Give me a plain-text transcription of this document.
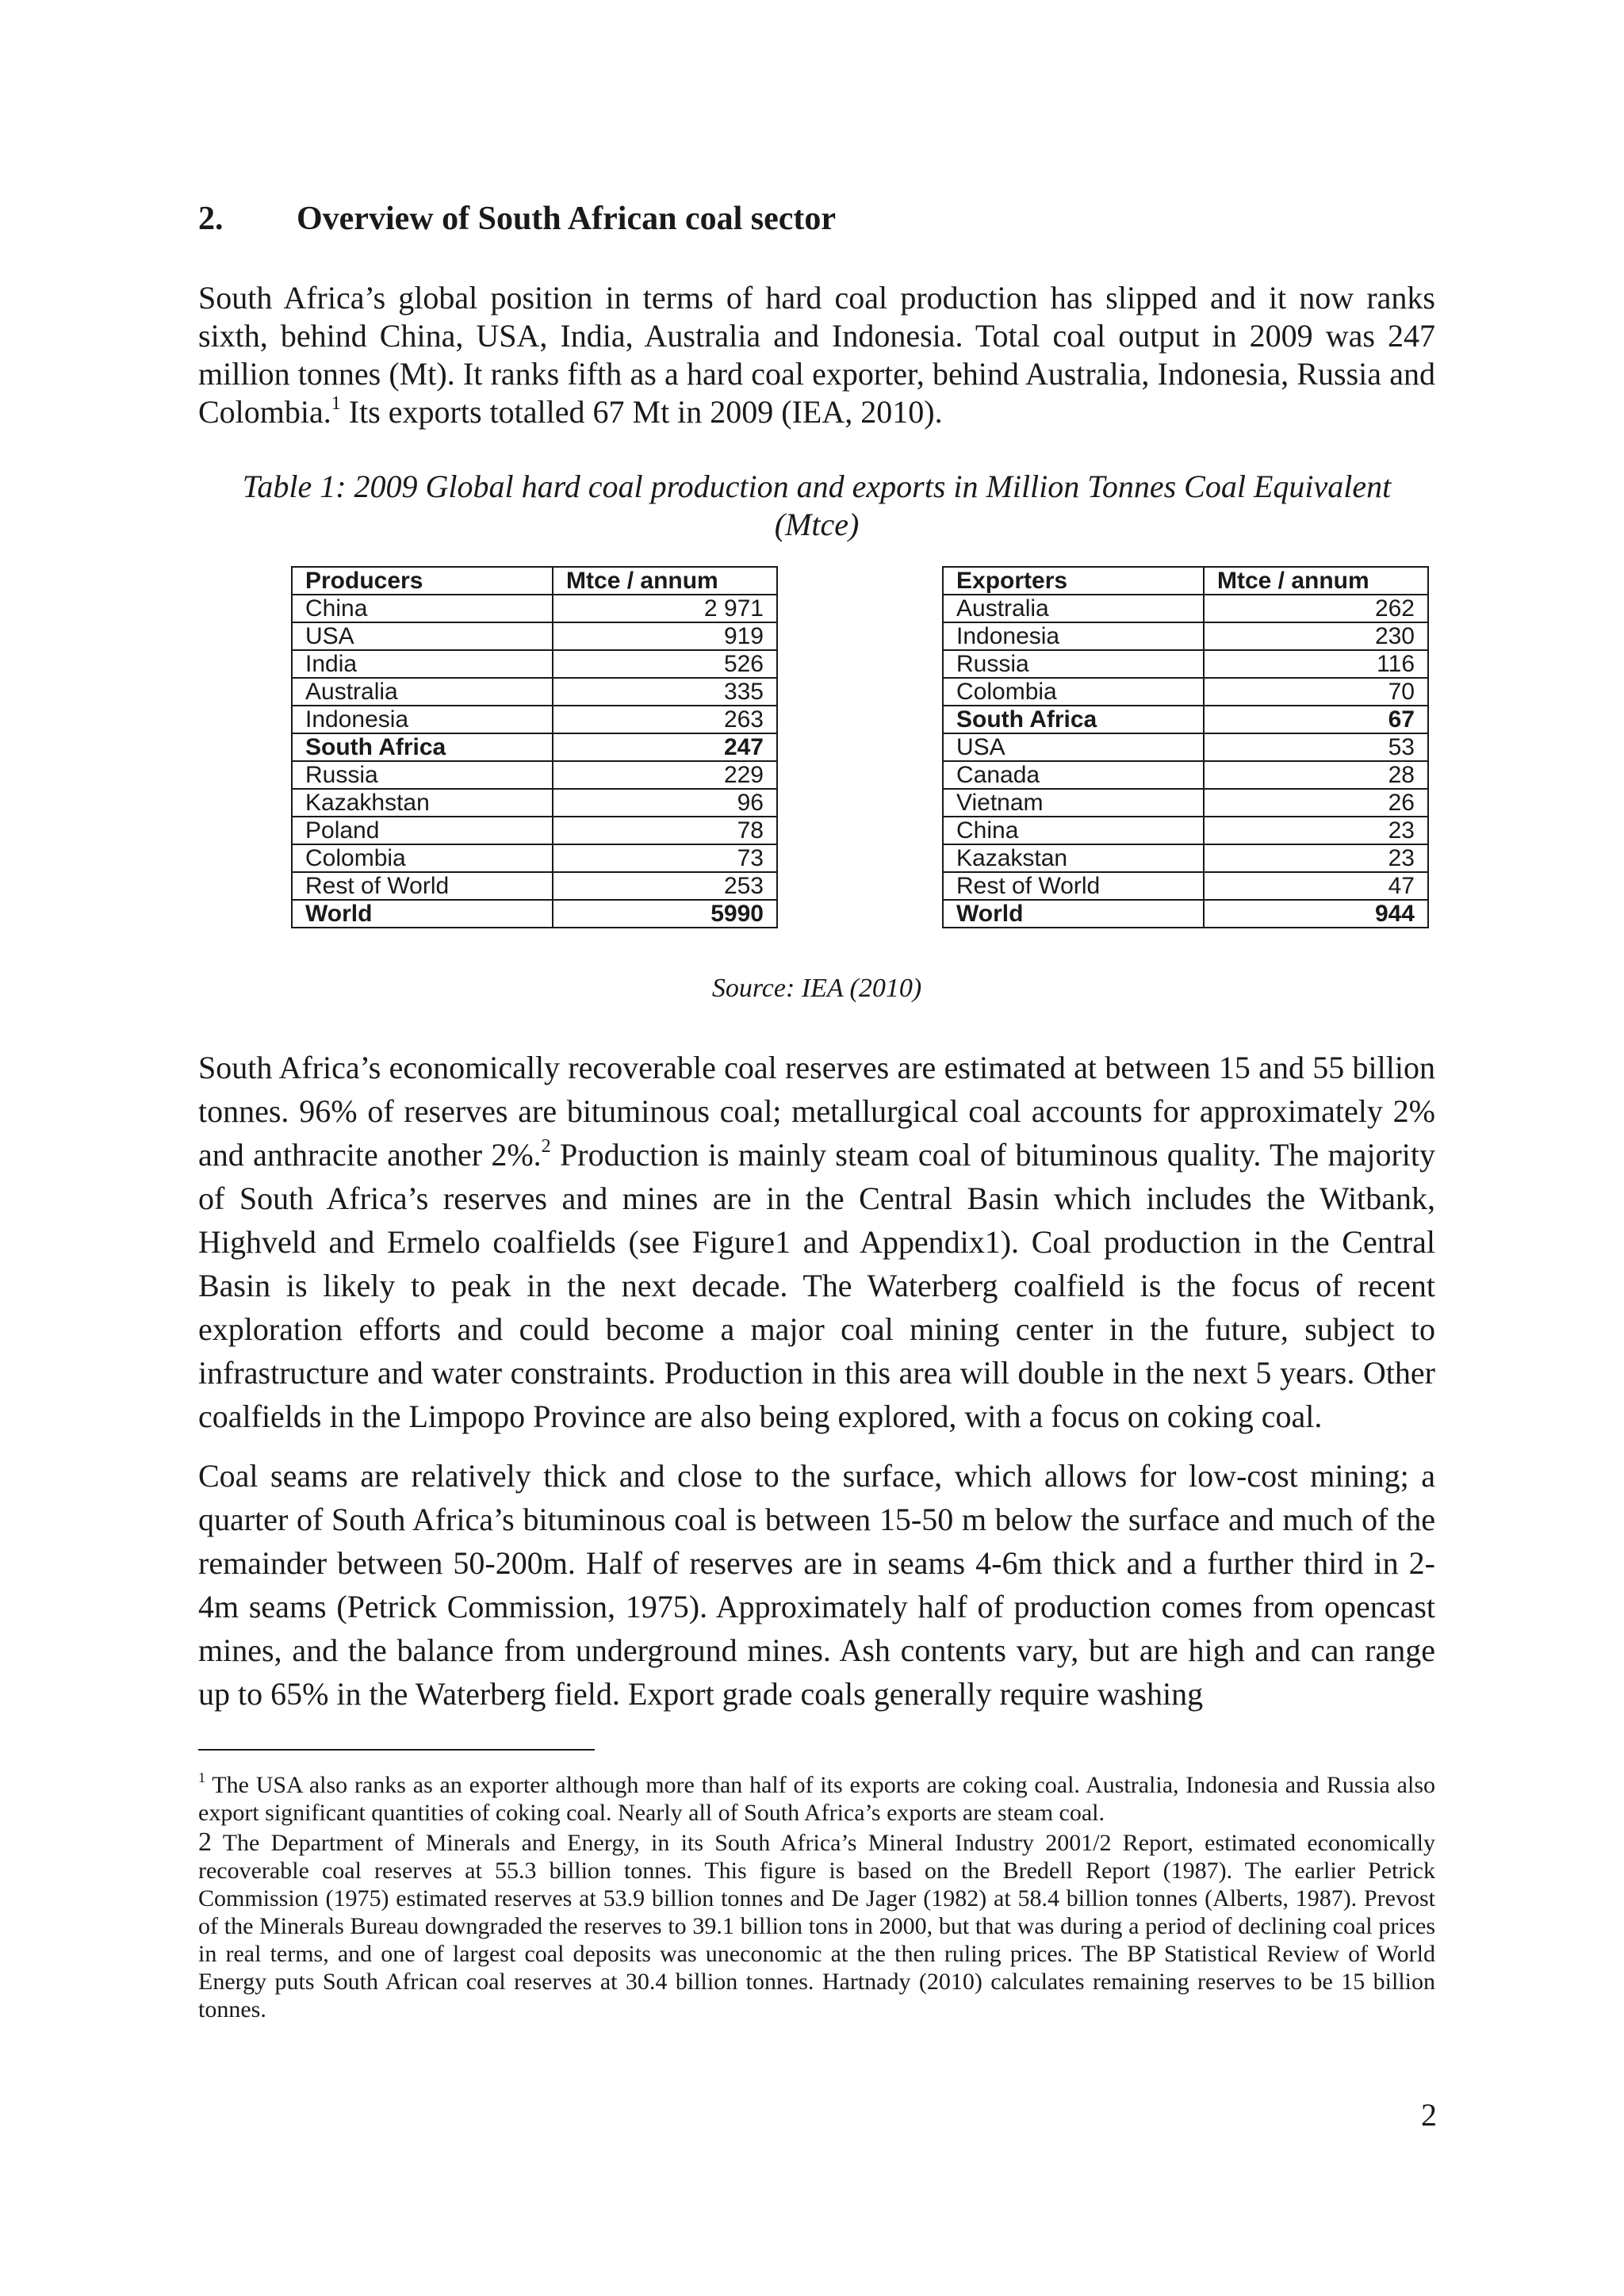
2. Overview of South African coal sector

South Africa’s global position in terms of hard coal production has slipped and it now ranks sixth, behind China, USA, India, Australia and Indonesia. Total coal output in 2009 was 247 million tonnes (Mt). It ranks fifth as a hard coal exporter, behind Australia, Indonesia, Russia and Colombia.$^1$ Its exports totalled 67 Mt in 2009 (IEA, 2010).

Table 1: 2009 Global hard coal production and exports in Million Tonnes Coal Equivalent (Mtce)

Producers	Mtce / annum
China	2 971
USA	919
India	526
Australia	335
Indonesia	263
South Africa	247
Russia	229
Kazakhstan	96
Poland	78
Colombia	73
Rest of World	253
World	5990
Exporters	Mtce / annum
Australia	262
Indonesia	230
Russia	116
Colombia	70
South Africa	67
USA	53
Canada	28
Vietnam	26
China	23
Kazakstan	23
Rest of World	47
World	944

Source: IEA (2010)

South Africa’s economically recoverable coal reserves are estimated at between 15 and 55 billion tonnes. 96% of reserves are bituminous coal; metallurgical coal accounts for approximately 2% and anthracite another 2%.$^2$ Production is mainly steam coal of bituminous quality. The majority of South Africa’s reserves and mines are in the Central Basin which includes the Witbank, Highveld and Ermelo coalfields (see Figure1 and Appendix1). Coal production in the Central Basin is likely to peak in the next decade. The Waterberg coalfield is the focus of recent exploration efforts and could become a major coal mining center in the future, subject to infrastructure and water constraints. Production in this area will double in the next 5 years. Other coalfields in the Limpopo Province are also being explored, with a focus on coking coal.

Coal seams are relatively thick and close to the surface, which allows for low-cost mining; a quarter of South Africa’s bituminous coal is between 15-50 m below the surface and much of the remainder between 50-200m. Half of reserves are in seams 4-6m thick and a further third in 2-4m seams (Petrick Commission, 1975). Approximately half of production comes from opencast mines, and the balance from underground mines. Ash contents vary, but are high and can range up to 65% in the Waterberg field. Export grade coals generally require washing

$^1$ The USA also ranks as an exporter although more than half of its exports are coking coal. Australia, Indonesia and Russia also export significant quantities of coking coal. Nearly all of South Africa’s exports are steam coal.

2 The Department of Minerals and Energy, in its South Africa’s Mineral Industry 2001/2 Report, estimated economically recoverable coal reserves at 55.3 billion tonnes. This figure is based on the Bredell Report (1987). The earlier Petrick Commission (1975) estimated reserves at 53.9 billion tonnes and De Jager (1982) at 58.4 billion tonnes (Alberts, 1987). Prevost of the Minerals Bureau downgraded the reserves to 39.1 billion tons in 2000, but that was during a period of declining coal prices in real terms, and one of largest coal deposits was uneconomic at the then ruling prices. The BP Statistical Review of World Energy puts South African coal reserves at 30.4 billion tonnes. Hartnady (2010) calculates remaining reserves to be 15 billion tonnes.

2
